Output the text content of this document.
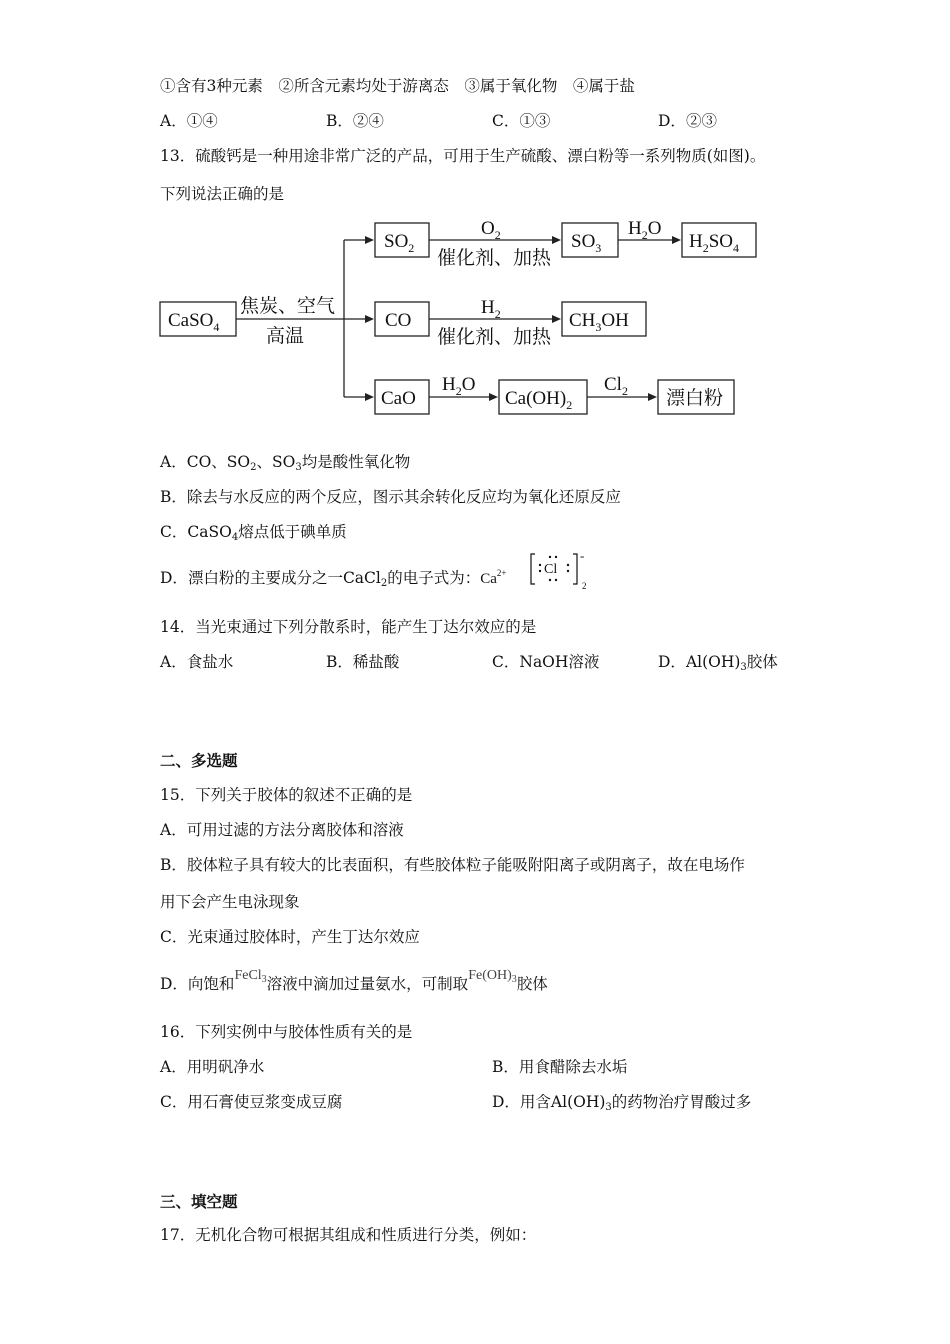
①含有3种元素　②所含元素均处于游离态　③属于氧化物　④属于盐
A．①④	B．②④	C．①③	D．②③
13．硫酸钙是一种用途非常广泛的产品，可用于生产硫酸、漂白粉等一系列物质(如图)。
下列说法正确的是
CaSO$_4$
焦炭、空气
高温
$SO_2$
$O_2$
催化剂、加热
$SO_3$
$H_2O$
$H_2SO_4$
CO
$H_2$
催化剂、加热
$CH_3OH$
CaO
$H_2O$
$Ca(OH)_2$
$Cl_2$ 漂白粉
A．CO、$SO_2$、$SO_3$均是酸性氧化物
B．除去与水反应的两个反应，图示其余转化反应均为氧化还原反应
C．CaSO$_4$熔点低于碘单质
D．漂白粉的主要成分之一CaCl$_2$的电子式为：$Ca^{2+}$	Cl
-
2
14．当光束通过下列分散系时，能产生丁达尔效应的是
A．食盐水	B．稀盐酸	C．NaOH溶液	D．$Al(OH)_3$胶体
二、多选题
15．下列关于胶体的叙述不正确的是
A．可用过滤的方法分离胶体和溶液
B．胶体粒子具有较大的比表面积，有些胶体粒子能吸附阳离子或阴离子，故在电场作
用下会产生电泳现象
C．光束通过胶体时，产生丁达尔效应
D．向饱和FeCl$_3$溶液中滴加过量氨水，可制取$Fe(OH)_3$胶体
16．下列实例中与胶体性质有关的是
A．用明矾净水	B．用食醋除去水垢
C．用石膏使豆浆变成豆腐	D．用含$Al(OH)_3$的药物治疗胃酸过多
三、填空题
17．无机化合物可根据其组成和性质进行分类，例如：
